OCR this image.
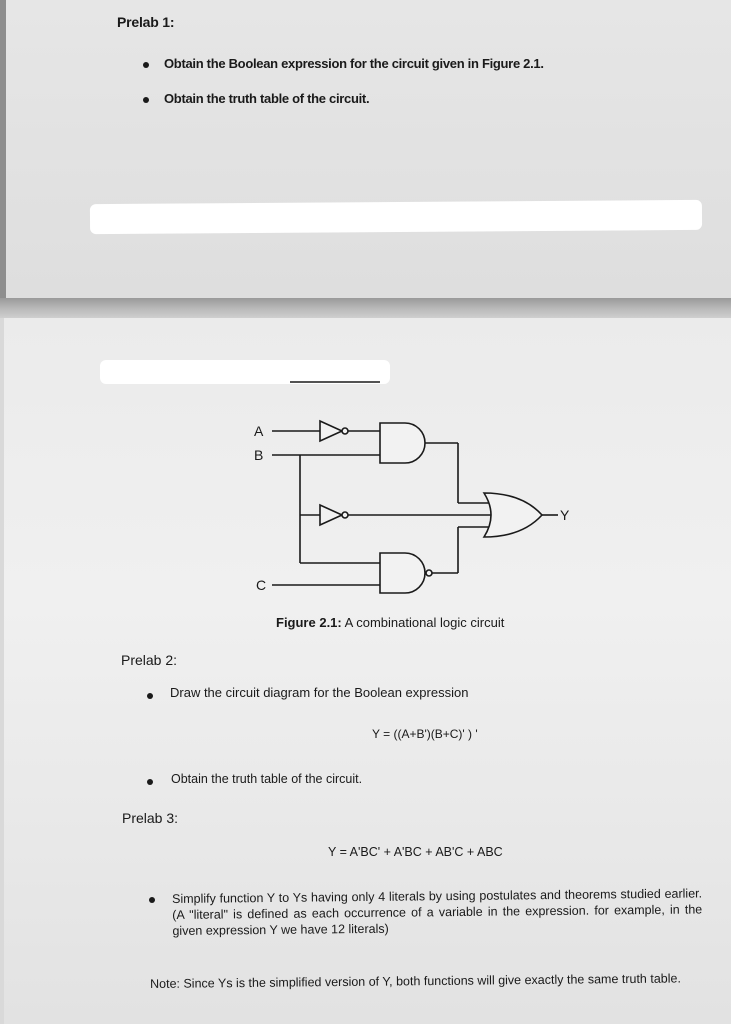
Prelab 1:
Obtain the Boolean expression for the circuit given in Figure 2.1.
Obtain the truth table of the circuit.
A
B
C
Y
Figure 2.1: A combinational logic circuit
Prelab 2:
Draw the circuit diagram for the Boolean expression
Y = ((A+B')(B+C)' ) '
Obtain the truth table of the circuit.
Prelab 3:
Y = A'BC' + A'BC + AB'C + ABC
Simplify function Y to Ys having only 4 literals by using postulates and theorems studied earlier. (A "literal" is defined as each occurrence of a variable in the expression. for example, in the given expression Y we have 12 literals)
Note: Since Ys is the simplified version of Y, both functions will give exactly the same truth table.
